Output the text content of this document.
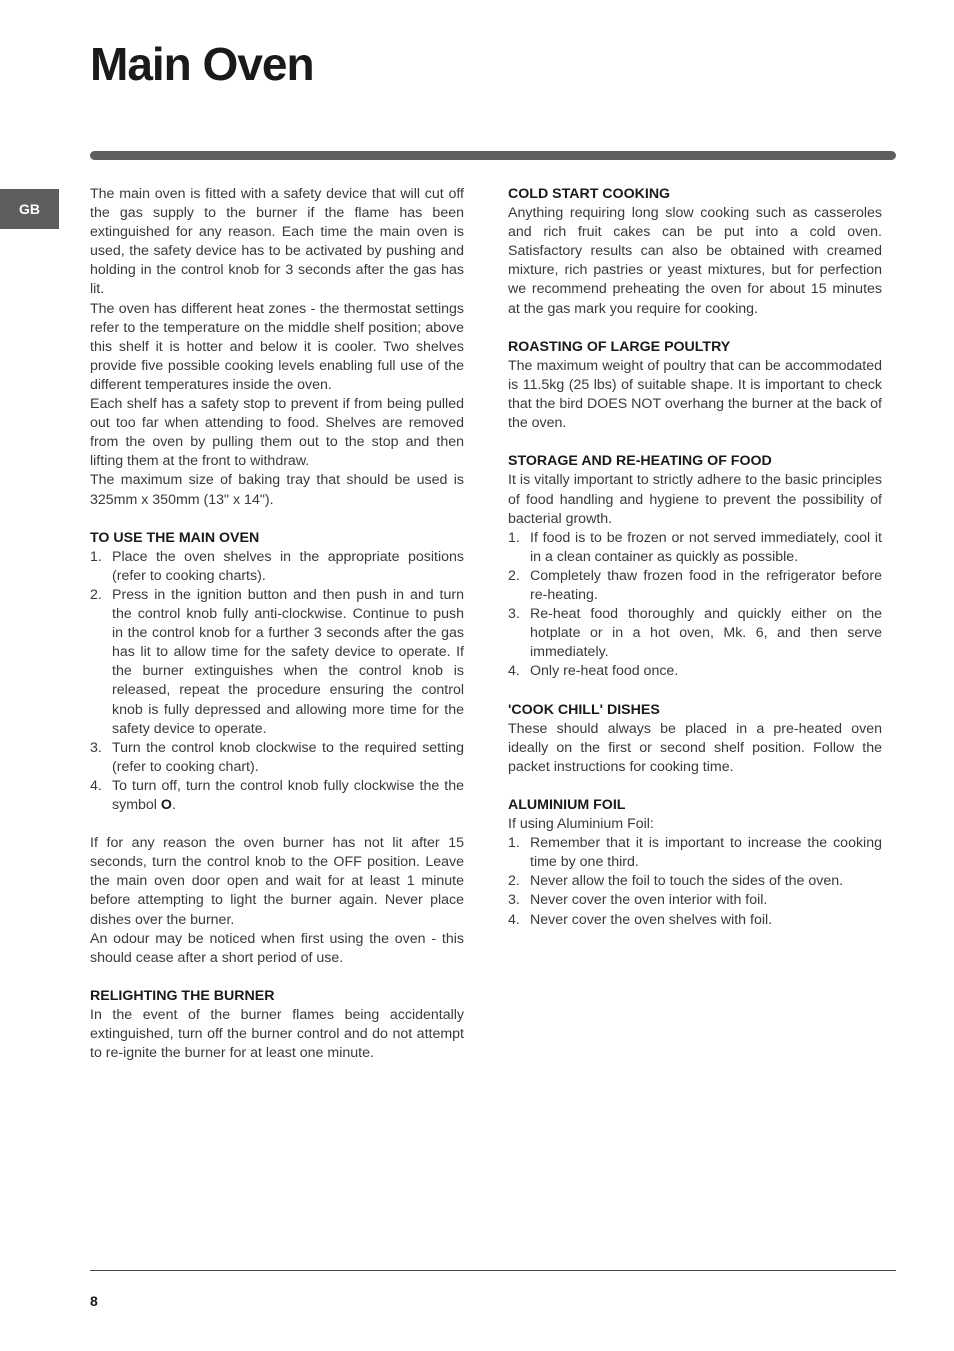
Main Oven
GB

The main oven is fitted with a safety device that will cut off the gas supply to the burner if the flame has been extinguished for any reason. Each time the main oven is used, the safety device has to be activated by pushing and holding in the control knob for 3 seconds after the gas has lit.

The oven has different heat zones - the thermostat settings refer to the temperature on the middle shelf position; above this shelf it is hotter and below it is cooler. Two shelves provide five possible cooking levels enabling full use of the different temperatures inside the oven.

Each shelf has a safety stop to prevent if from being pulled out too far when attending to food. Shelves are removed from the oven by pulling them out to the stop and then lifting them at the front to withdraw.

The maximum size of baking tray that should be used is 325mm x 350mm (13" x 14").

TO USE THE MAIN OVEN
1. Place the oven shelves in the appropriate positions (refer to cooking charts).
2. Press in the ignition button and then push in and turn the control knob fully anti-clockwise. Continue to push in the control knob for a further 3 seconds after the gas has lit to allow time for the safety device to operate. If the burner extinguishes when the control knob is released, repeat the procedure ensuring the control knob is fully depressed and allowing more time for the safety device to operate.
3. Turn the control knob clockwise to the required setting (refer to cooking chart).
4. To turn off, turn the control knob fully clockwise the the symbol O.

If for any reason the oven burner has not lit after 15 seconds, turn the control knob to the OFF position. Leave the main oven door open and wait for at least 1 minute before attempting to light the burner again. Never place dishes over the burner.

An odour may be noticed when first using the oven - this should cease after a short period of use.

RELIGHTING THE BURNER

In the event of the burner flames being accidentally extinguished, turn off the burner control and do not attempt to re-ignite the burner for at least one minute.

COLD START COOKING

Anything requiring long slow cooking such as casseroles and rich fruit cakes can be put into a cold oven. Satisfactory results can also be obtained with creamed mixture, rich pastries or yeast mixtures, but for perfection we recommend preheating the oven for about 15 minutes at the gas mark you require for cooking.

ROASTING OF LARGE POULTRY

The maximum weight of poultry that can be accommodated is 11.5kg (25 lbs) of suitable shape. It is important to check that the bird DOES NOT overhang the burner at the back of the oven.

STORAGE AND RE-HEATING OF FOOD

It is vitally important to strictly adhere to the basic principles of food handling and hygiene to prevent the possibility of bacterial growth.

1. If food is to be frozen or not served immediately, cool it in a clean container as quickly as possible.
2. Completely thaw frozen food in the refrigerator before re-heating.
3. Re-heat food thoroughly and quickly either on the hotplate or in a hot oven, Mk. 6, and then serve immediately.
4. Only re-heat food once.
'COOK CHILL' DISHES

These should always be placed in a pre-heated oven ideally on the first or second shelf position. Follow the packet instructions for cooking time.

ALUMINIUM FOIL

If using Aluminium Foil:

1. Remember that it is important to increase the cooking time by one third.
2. Never allow the foil to touch the sides of the oven.
3. Never cover the oven interior with foil.
4. Never cover the oven shelves with foil.
8
